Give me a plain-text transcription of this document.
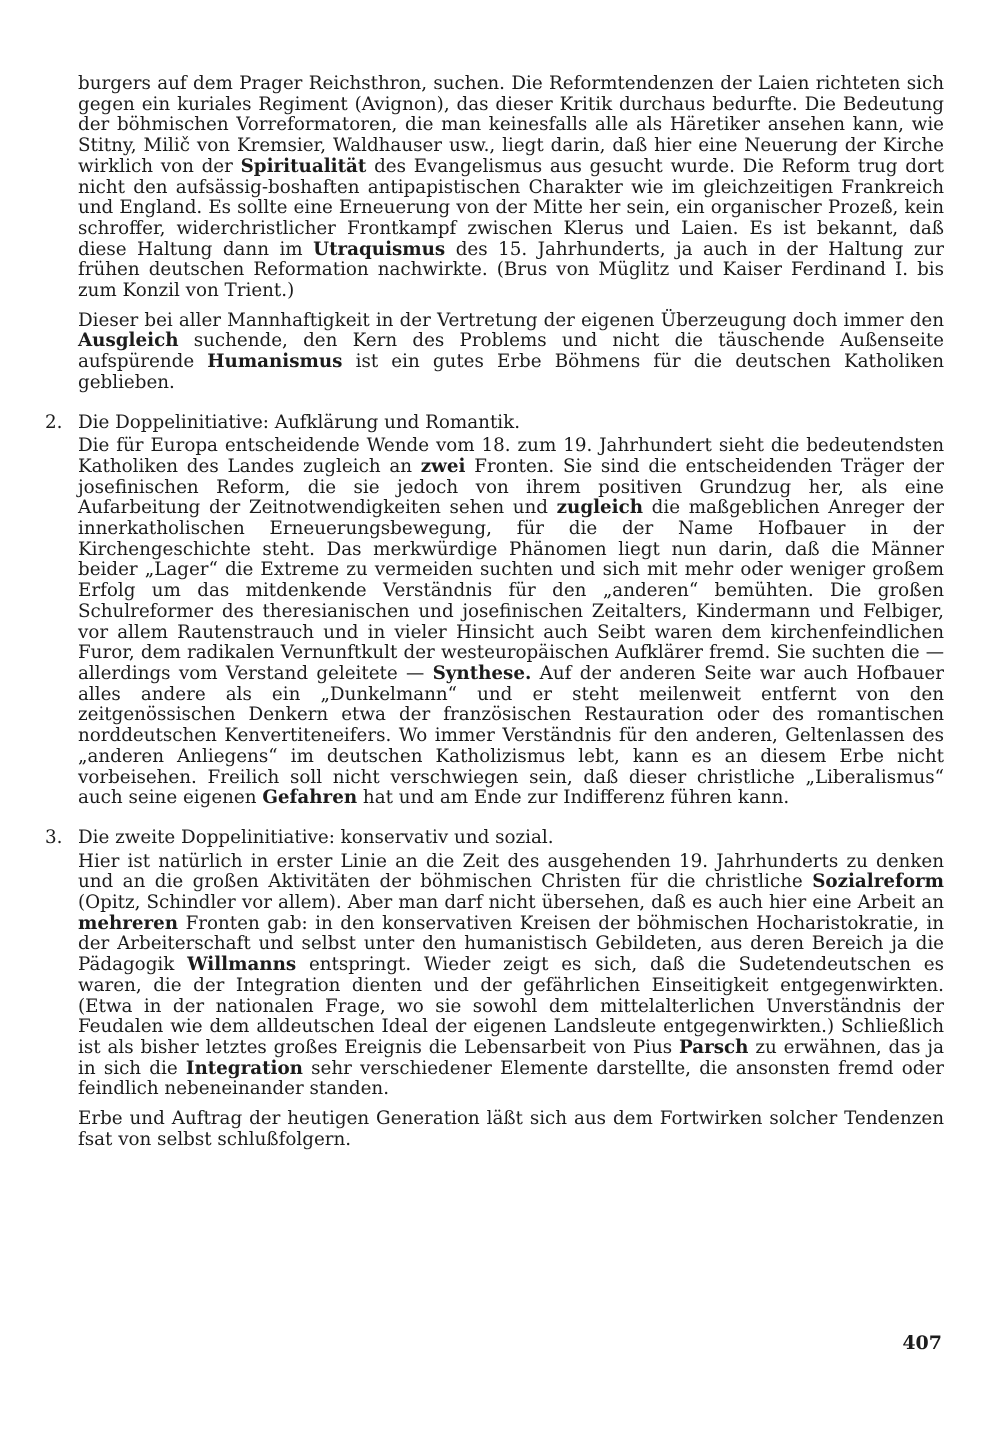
burgers auf dem Prager Reichsthron, suchen. Die Reformtendenzen der Laien richteten sich gegen ein kuriales Regiment (Avignon), das dieser Kritik durchaus bedurfte. Die Bedeutung der böhmischen Vorreformatoren, die man keinesfalls alle als Häretiker ansehen kann, wie Stitny, Milič von Kremsier, Waldhauser usw., liegt darin, daß hier eine Neuerung der Kirche wirklich von der Spiritualität des Evangelismus aus gesucht wurde. Die Reform trug dort nicht den aufsässig-boshaften antipapistischen Charakter wie im gleichzeitigen Frankreich und England. Es sollte eine Erneuerung von der Mitte her sein, ein organischer Prozeß, kein schroffer, widerchristlicher Frontkampf zwischen Klerus und Laien. Es ist bekannt, daß diese Haltung dann im Utraquismus des 15. Jahrhunderts, ja auch in der Haltung zur frühen deutschen Reformation nachwirkte. (Brus von Müglitz und Kaiser Ferdinand I. bis zum Konzil von Trient.)

Dieser bei aller Mannhaftigkeit in der Vertretung der eigenen Überzeugung doch immer den Ausgleich suchende, den Kern des Problems und nicht die täuschende Außenseite aufspürende Humanismus ist ein gutes Erbe Böhmens für die deutschen Katholiken geblieben.

2. Die Doppelinitiative: Aufklärung und Romantik.

Die für Europa entscheidende Wende vom 18. zum 19. Jahrhundert sieht die bedeutendsten Katholiken des Landes zugleich an zwei Fronten. Sie sind die entscheidenden Träger der josefinischen Reform, die sie jedoch von ihrem positiven Grundzug her, als eine Aufarbeitung der Zeitnotwendigkeiten sehen und zugleich die maßgeblichen Anreger der innerkatholischen Erneuerungsbewegung, für die der Name Hofbauer in der Kirchengeschichte steht. Das merkwürdige Phänomen liegt nun darin, daß die Männer beider „Lager“ die Extreme zu vermeiden suchten und sich mit mehr oder weniger großem Erfolg um das mitdenkende Verständnis für den „anderen“ bemühten. Die großen Schulreformer des theresianischen und josefinischen Zeitalters, Kindermann und Felbiger, vor allem Rautenstrauch und in vieler Hinsicht auch Seibt waren dem kirchenfeindlichen Furor, dem radikalen Vernunftkult der westeuropäischen Aufklärer fremd. Sie suchten die — allerdings vom Verstand geleitete — Synthese. Auf der anderen Seite war auch Hofbauer alles andere als ein „Dunkelmann“ und er steht meilenweit entfernt von den zeitgenössischen Denkern etwa der französischen Restauration oder des romantischen norddeutschen Kenvertiteneifers. Wo immer Verständnis für den anderen, Geltenlassen des „anderen Anliegens“ im deutschen Katholizismus lebt, kann es an diesem Erbe nicht vorbeisehen. Freilich soll nicht verschwiegen sein, daß dieser christliche „Liberalismus“ auch seine eigenen Gefahren hat und am Ende zur Indifferenz führen kann.

3. Die zweite Doppelinitiative: konservativ und sozial.

Hier ist natürlich in erster Linie an die Zeit des ausgehenden 19. Jahrhunderts zu denken und an die großen Aktivitäten der böhmischen Christen für die christliche Sozialreform (Opitz, Schindler vor allem). Aber man darf nicht übersehen, daß es auch hier eine Arbeit an mehreren Fronten gab: in den konservativen Kreisen der böhmischen Hocharistokratie, in der Arbeiterschaft und selbst unter den humanistisch Gebildeten, aus deren Bereich ja die Pädagogik Willmanns entspringt. Wieder zeigt es sich, daß die Sudetendeutschen es waren, die der Integration dienten und der gefährlichen Einseitigkeit entgegenwirkten. (Etwa in der nationalen Frage, wo sie sowohl dem mittelalterlichen Unverständnis der Feudalen wie dem alldeutschen Ideal der eigenen Landsleute entgegenwirkten.) Schließlich ist als bisher letztes großes Ereignis die Lebensarbeit von Pius Parsch zu erwähnen, das ja in sich die Integration sehr verschiedener Elemente darstellte, die ansonsten fremd oder feindlich nebeneinander standen.

Erbe und Auftrag der heutigen Generation läßt sich aus dem Fortwirken solcher Tendenzen fsat von selbst schlußfolgern.

407
